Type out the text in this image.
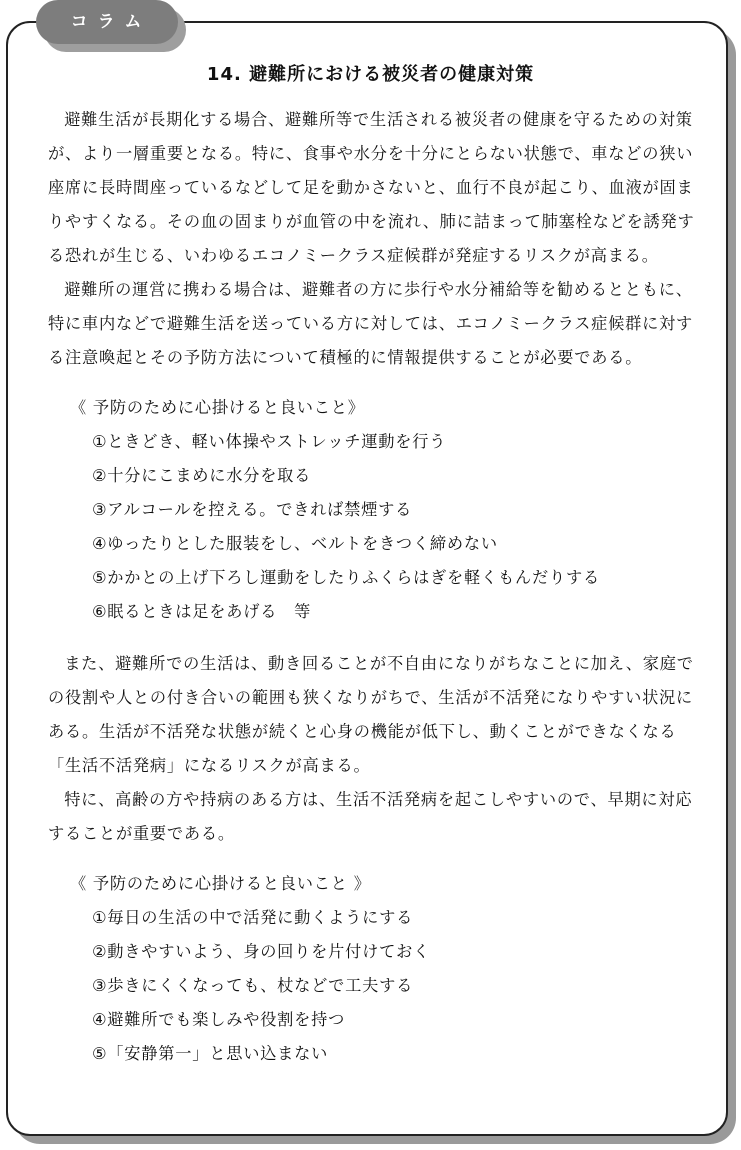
コラム
14. 避難所における被災者の健康対策

避難生活が長期化する場合、避難所等で生活される被災者の健康を守るための対策が、より一層重要となる。特に、食事や水分を十分にとらない状態で、車などの狭い座席に長時間座っているなどして足を動かさないと、血行不良が起こり、血液が固まりやすくなる。その血の固まりが血管の中を流れ、肺に詰まって肺塞栓などを誘発する恐れが生じる、いわゆるエコノミークラス症候群が発症するリスクが高まる。

避難所の運営に携わる場合は、避難者の方に歩行や水分補給等を勧めるとともに、特に車内などで避難生活を送っている方に対しては、エコノミークラス症候群に対する注意喚起とその予防方法について積極的に情報提供することが必要である。

《 予防のために心掛けると良いこと》
①ときどき、軽い体操やストレッチ運動を行う
②十分にこまめに水分を取る
③アルコールを控える。できれば禁煙する
④ゆったりとした服装をし、ベルトをきつく締めない
⑤かかとの上げ下ろし運動をしたりふくらはぎを軽くもんだりする
⑥眠るときは足をあげる　等

また、避難所での生活は、動き回ることが不自由になりがちなことに加え、家庭での役割や人との付き合いの範囲も狭くなりがちで、生活が不活発になりやすい状況にある。生活が不活発な状態が続くと心身の機能が低下し、動くことができなくなる「生活不活発病」になるリスクが高まる。

特に、高齢の方や持病のある方は、生活不活発病を起こしやすいので、早期に対応することが重要である。

《 予防のために心掛けると良いこと 》
①毎日の生活の中で活発に動くようにする
②動きやすいよう、身の回りを片付けておく
③歩きにくくなっても、杖などで工夫する
④避難所でも楽しみや役割を持つ
⑤「安静第一」と思い込まない
